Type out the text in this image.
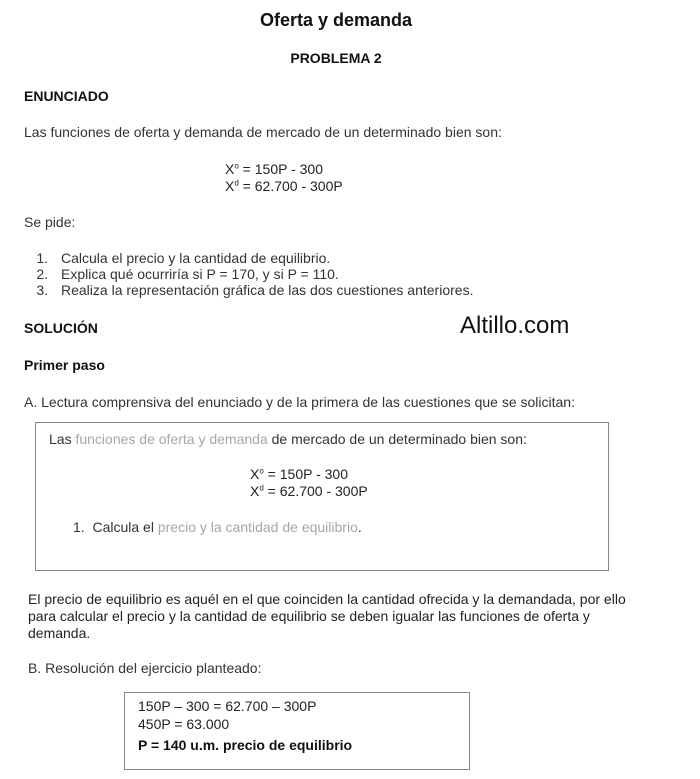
Oferta y demanda
PROBLEMA 2
ENUNCIADO
Las funciones de oferta y demanda de mercado de un determinado bien son:
$X^o = 150P - 300$
$X^d = 62.700 - 300P$
Se pide:
1. Calcula el precio y la cantidad de equilibrio.
2. Explica qué ocurriría si P = 170, y si P = 110.
3. Realiza la representación gráfica de las dos cuestiones anteriores.
SOLUCIÓN	Altillo.com
Primer paso
A. Lectura comprensiva del enunciado y de la primera de las cuestiones que se solicitan:
Las funciones de oferta y demanda de mercado de un determinado bien son:
$X^o = 150P - 300$
$X^d = 62.700 - 300P$
1. Calcula el precio y la cantidad de equilibrio.
El precio de equilibrio es aquél en el que coinciden la cantidad ofrecida y la demandada, por ello para calcular el precio y la cantidad de equilibrio se deben igualar las funciones de oferta y demanda.
B. Resolución del ejercicio planteado:
150P – 300 = 62.700 – 300P
450P = 63.000
P = 140 u.m. precio de equilibrio
